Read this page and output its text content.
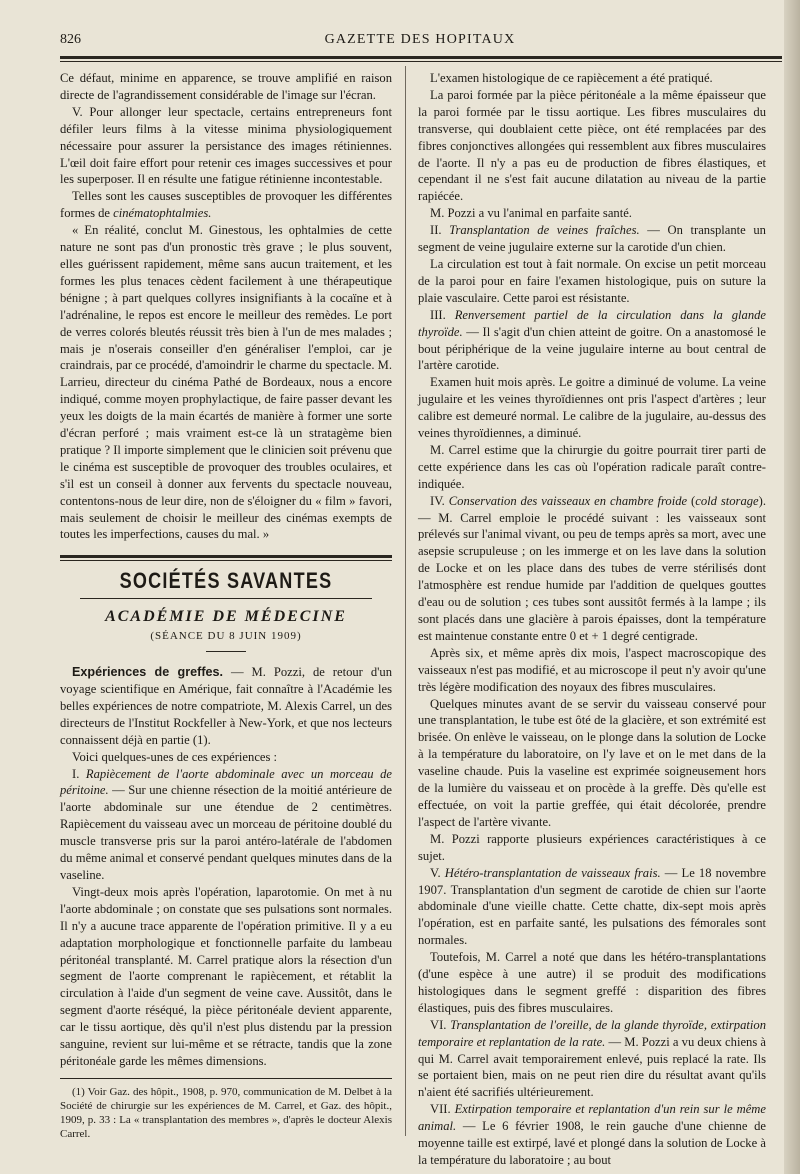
826	GAZETTE DES HOPITAUX

Ce défaut, minime en apparence, se trouve amplifié en raison directe de l'agrandissement considérable de l'image sur l'écran.

V. Pour allonger leur spectacle, certains entrepreneurs font défiler leurs films à la vitesse minima physiologiquement nécessaire pour assurer la persistance des images rétiniennes. L'œil doit faire effort pour retenir ces images successives et pour les superposer. Il en résulte une fatigue rétinienne incontestable.

Telles sont les causes susceptibles de provoquer les différentes formes de cinématophtalmies.

« En réalité, conclut M. Ginestous, les ophtalmies de cette nature ne sont pas d'un pronostic très grave ; le plus souvent, elles guérissent rapidement, même sans aucun traitement, et les formes les plus tenaces cèdent facilement à une thérapeutique bénigne ; à part quelques collyres insignifiants à la cocaïne et à l'adrénaline, le repos est encore le meilleur des remèdes. Le port de verres colorés bleutés réussit très bien à l'un de mes malades ; mais je n'oserais conseiller d'en généraliser l'emploi, car je craindrais, par ce procédé, d'amoindrir le charme du spectacle. M. Larrieu, directeur du cinéma Pathé de Bordeaux, nous a encore indiqué, comme moyen prophylactique, de faire passer devant les yeux les doigts de la main écartés de manière à former une sorte d'écran perforé ; mais vraiment est-ce là un stratagème bien pratique ? Il importe simplement que le clinicien soit prévenu que le cinéma est susceptible de provoquer des troubles oculaires, et s'il est un conseil à donner aux fervents du spectacle nouveau, contentons-nous de leur dire, non de s'éloigner du « film » favori, mais seulement de choisir le meilleur des cinémas exempts de toutes les imperfections, causes du mal. »

SOCIÉTÉS SAVANTES
ACADÉMIE DE MÉDECINE
(SÉANCE DU 8 JUIN 1909)

Expériences de greffes. — M. Pozzi, de retour d'un voyage scientifique en Amérique, fait connaître à l'Académie les belles expériences de notre compatriote, M. Alexis Carrel, un des directeurs de l'Institut Rockfeller à New-York, et que nos lecteurs connaissent déjà en partie (1).

Voici quelques-unes de ces expériences :

I. Rapiècement de l'aorte abdominale avec un morceau de péritoine. — Sur une chienne résection de la moitié antérieure de l'aorte abdominale sur une étendue de 2 centimètres. Rapiècement du vaisseau avec un morceau de péritoine doublé du muscle transverse pris sur la paroi antéro-latérale de l'abdomen du même animal et conservé pendant quelques minutes dans de la vaseline.

Vingt-deux mois après l'opération, laparotomie. On met à nu l'aorte abdominale ; on constate que ses pulsations sont normales. Il n'y a aucune trace apparente de l'opération primitive. Il y a eu adaptation morphologique et fonctionnelle parfaite du lambeau péritonéal transplanté. M. Carrel pratique alors la résection d'un segment de l'aorte comprenant le rapiècement, et rétablit la circulation à l'aide d'un segment de veine cave. Aussitôt, dans le segment d'aorte réséqué, la pièce péritonéale devient apparente, car le tissu aortique, dès qu'il n'est plus distendu par la pression sanguine, revient sur lui-même et se rétracte, tandis que la zone péritonéale garde les mêmes dimensions.

(1) Voir Gaz. des hôpit., 1908, p. 970, communication de M. Delbet à la Société de chirurgie sur les expériences de M. Carrel, et Gaz. des hôpit., 1909, p. 33 : La « transplantation des membres », d'après le docteur Alexis Carrel.

L'examen histologique de ce rapiècement a été pratiqué.

La paroi formée par la pièce péritonéale a la même épaisseur que la paroi formée par le tissu aortique. Les fibres musculaires du transverse, qui doublaient cette pièce, ont été remplacées par des fibres conjonctives allongées qui ressemblent aux fibres musculaires de l'aorte. Il n'y a pas eu de production de fibres élastiques, et cependant il ne s'est fait aucune dilatation au niveau de la partie rapiécée.

M. Pozzi a vu l'animal en parfaite santé.

II. Transplantation de veines fraîches. — On transplante un segment de veine jugulaire externe sur la carotide d'un chien.

La circulation est tout à fait normale. On excise un petit morceau de la paroi pour en faire l'examen histologique, puis on suture la plaie vasculaire. Cette paroi est résistante.

III. Renversement partiel de la circulation dans la glande thyroïde. — Il s'agit d'un chien atteint de goitre. On a anastomosé le bout périphérique de la veine jugulaire interne au bout central de l'artère carotide.

Examen huit mois après. Le goitre a diminué de volume. La veine jugulaire et les veines thyroïdiennes ont pris l'aspect d'artères ; leur calibre est demeuré normal. Le calibre de la jugulaire, au-dessus des veines thyroïdiennes, a diminué.

M. Carrel estime que la chirurgie du goitre pourrait tirer parti de cette expérience dans les cas où l'opération radicale paraît contre-indiquée.

IV. Conservation des vaisseaux en chambre froide (cold storage). — M. Carrel emploie le procédé suivant : les vaisseaux sont prélevés sur l'animal vivant, ou peu de temps après sa mort, avec une asepsie scrupuleuse ; on les immerge et on les lave dans la solution de Locke et on les place dans des tubes de verre stérilisés dont l'atmosphère est rendue humide par l'addition de quelques gouttes d'eau ou de solution ; ces tubes sont aussitôt fermés à la lampe ; ils sont placés dans une glacière à parois épaisses, dont la température est maintenue constante entre 0 et + 1 degré centigrade.

Après six, et même après dix mois, l'aspect macroscopique des vaisseaux n'est pas modifié, et au microscope il peut n'y avoir qu'une très légère modification des noyaux des fibres musculaires.

Quelques minutes avant de se servir du vaisseau conservé pour une transplantation, le tube est ôté de la glacière, et son extrémité est brisée. On enlève le vaisseau, on le plonge dans la solution de Locke à la température du laboratoire, on l'y lave et on le met dans de la vaseline chaude. Puis la vaseline est exprimée soigneusement hors de la lumière du vaisseau et on procède à la greffe. Dès qu'elle est effectuée, on voit la partie greffée, qui était décolorée, prendre l'aspect de l'artère vivante.

M. Pozzi rapporte plusieurs expériences caractéristiques à ce sujet.

V. Hétéro-transplantation de vaisseaux frais. — Le 18 novembre 1907. Transplantation d'un segment de carotide de chien sur l'aorte abdominale d'une vieille chatte. Cette chatte, dix-sept mois après l'opération, est en parfaite santé, les pulsations des fémorales sont normales.

Toutefois, M. Carrel a noté que dans les hétéro-transplantations (d'une espèce à une autre) il se produit des modifications histologiques dans le segment greffé : disparition des fibres élastiques, puis des fibres musculaires.

VI. Transplantation de l'oreille, de la glande thyroïde, extirpation temporaire et replantation de la rate. — M. Pozzi a vu deux chiens à qui M. Carrel avait temporairement enlevé, puis replacé la rate. Ils se portaient bien, mais on ne peut rien dire du résultat avant qu'ils n'aient été sacrifiés ultérieurement.

VII. Extirpation temporaire et replantation d'un rein sur le même animal. — Le 6 février 1908, le rein gauche d'une chienne de moyenne taille est extirpé, lavé et plongé dans la solution de Locke à la température du laboratoire ; au bout
